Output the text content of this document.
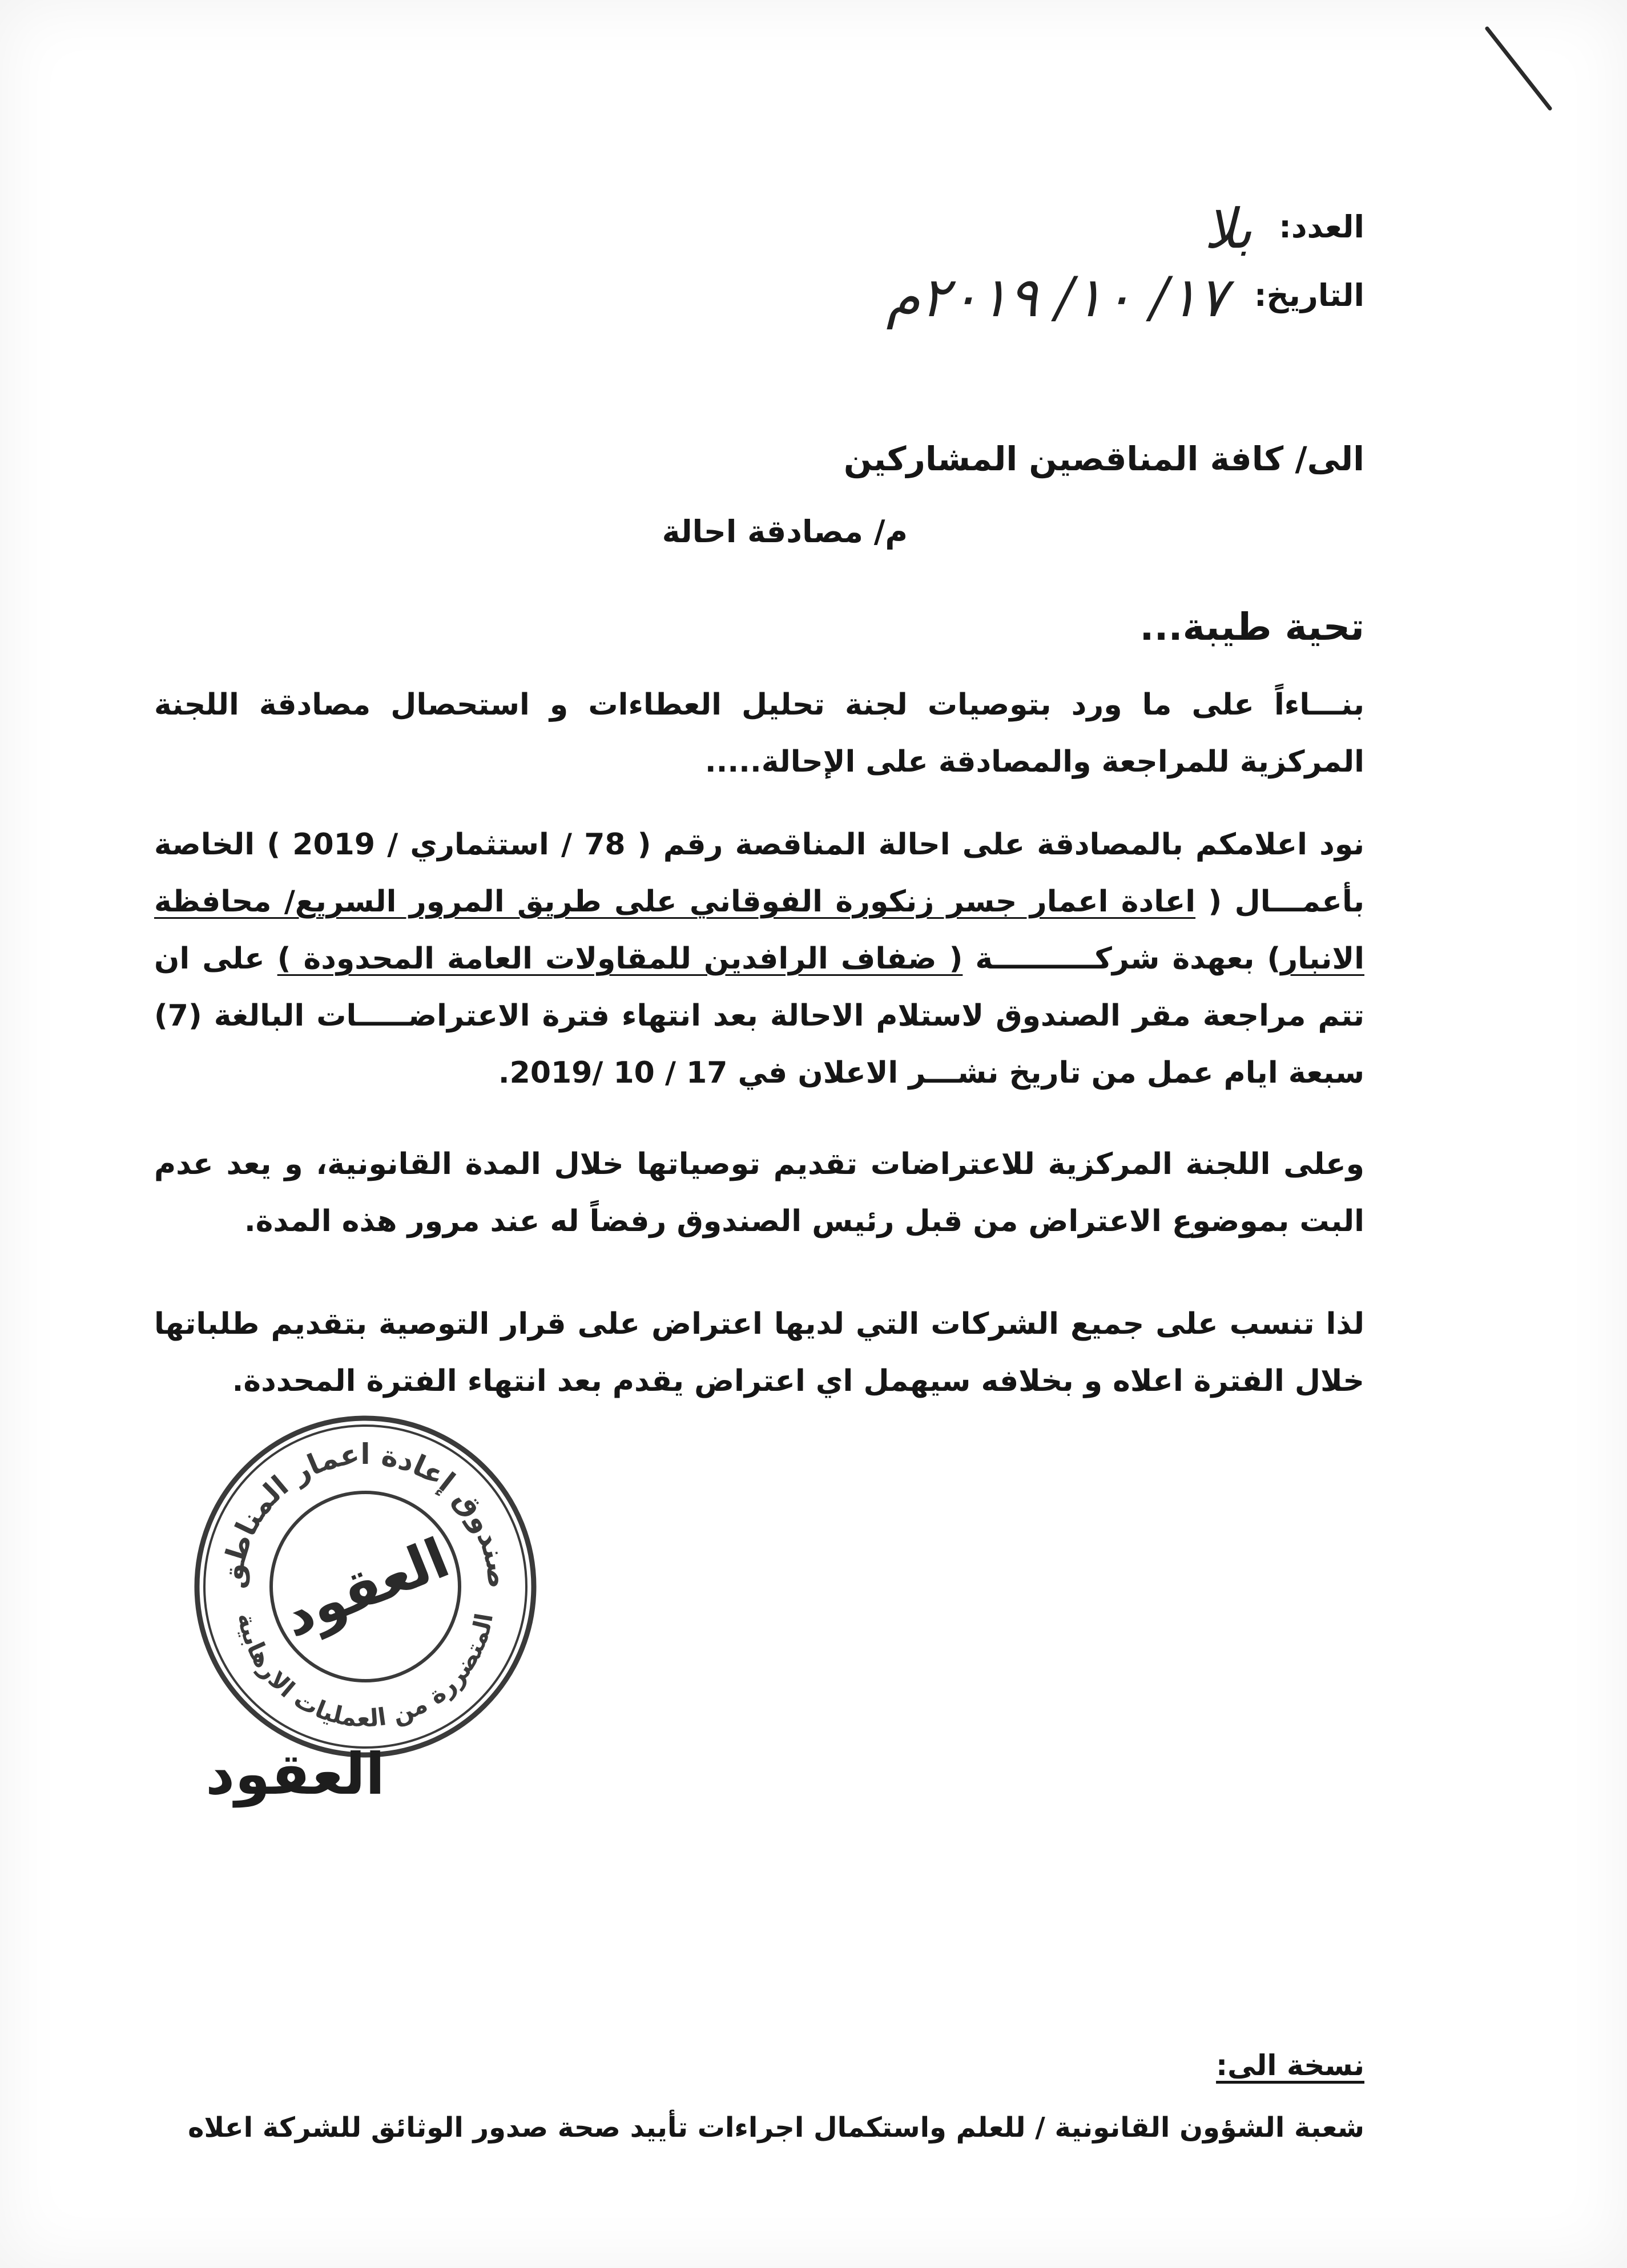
العدد: بلا
التاريخ: ١٧/ ١٠/ ٢٠١٩م
الى/ كافة المناقصين المشاركين
م/ مصادقة احالة
تحية طيبة...
بنـــاءاً على ما ورد بتوصيات لجنة تحليل العطاءات و استحصال مصادقة اللجنة المركزية للمراجعة والمصادقة على الإحالة.....
نود اعلامكم بالمصادقة على احالة المناقصة رقم ( 78 / استثماري / 2019 ) الخاصة بأعمـــال ( اعادة اعمار جسر زنكورة الفوقاني على طريق المرور السريع/ محافظة الانبار) بعهدة شركــــــــــة ( ضفاف الرافدين للمقاولات العامة المحدودة ) على ان تتم مراجعة مقر الصندوق لاستلام الاحالة بعد انتهاء فترة الاعتراضـــــات البالغة (7) سبعة ايام عمل من تاريخ نشـــر الاعلان في 17 / 10 /2019.
وعلى اللجنة المركزية للاعتراضات تقديم توصياتها خلال المدة القانونية، و يعد عدم البت بموضوع الاعتراض من قبل رئيس الصندوق رفضاً له عند مرور هذه المدة.
لذا تنسب على جميع الشركات التي لديها اعتراض على قرار التوصية بتقديم طلباتها خلال الفترة اعلاه و بخلافه سيهمل اي اعتراض يقدم بعد انتهاء الفترة المحددة.
صندوق إعادة اعمار المناطق
المتضررة من العمليات الارهابية
العقود
العقود
نسخة الى:
شعبة الشؤون القانونية / للعلم واستكمال اجراءات تأييد صحة صدور الوثائق للشركة اعلاه
